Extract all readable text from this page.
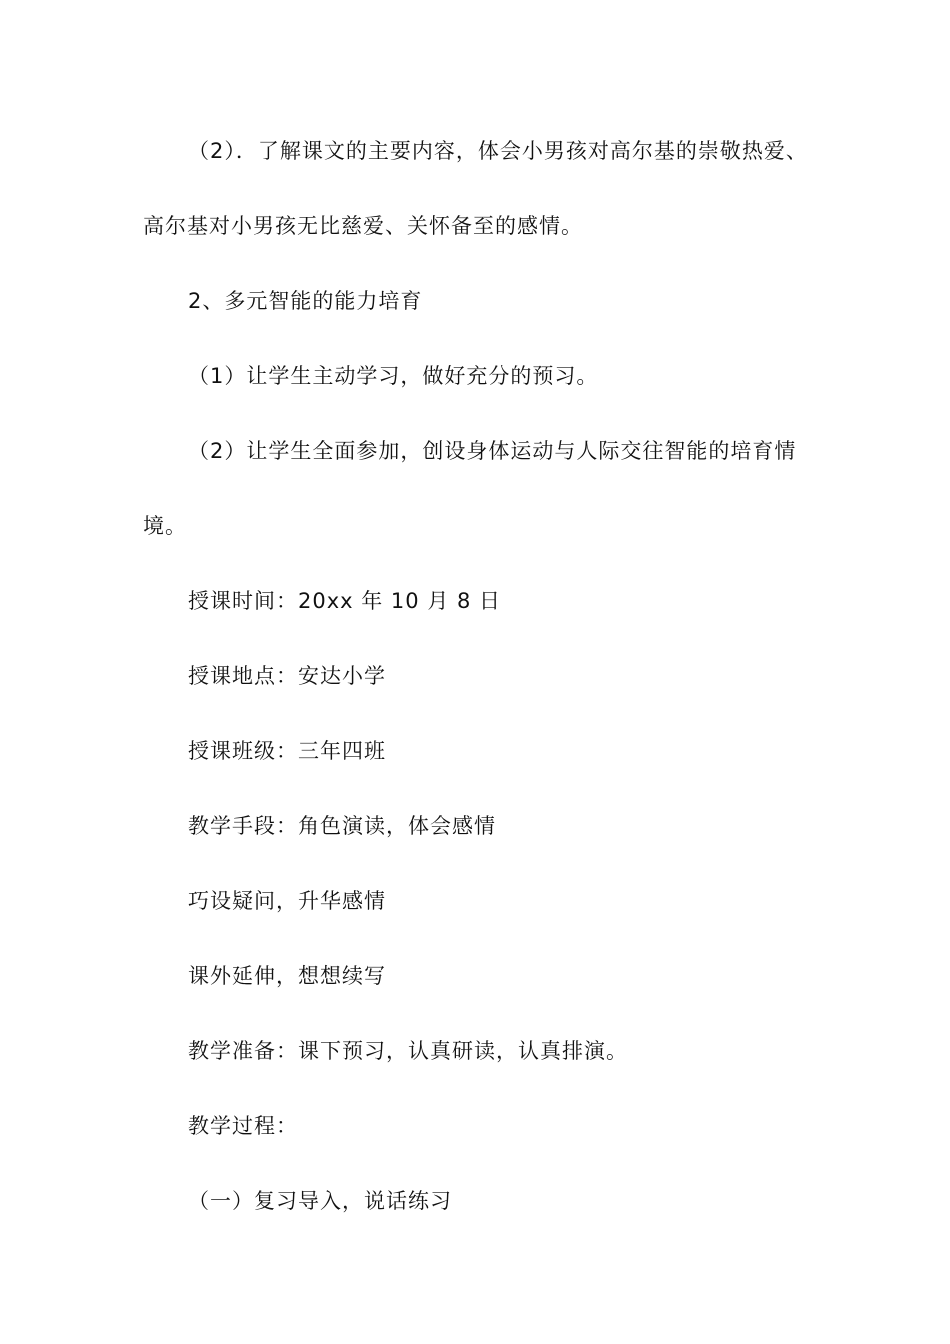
（2）．了解课文的主要内容，体会小男孩对高尔基的崇敬热爱、
高尔基对小男孩无比慈爱、关怀备至的感情。
2、多元智能的能力培育
（1）让学生主动学习，做好充分的预习。
（2）让学生全面参加，创设身体运动与人际交往智能的培育情
境。
授课时间：20xx 年 10 月 8 日
授课地点：安达小学
授课班级：三年四班
教学手段：角色演读，体会感情
巧设疑问，升华感情
课外延伸，想想续写
教学准备：课下预习，认真研读，认真排演。
教学过程：
（一）复习导入，说话练习
